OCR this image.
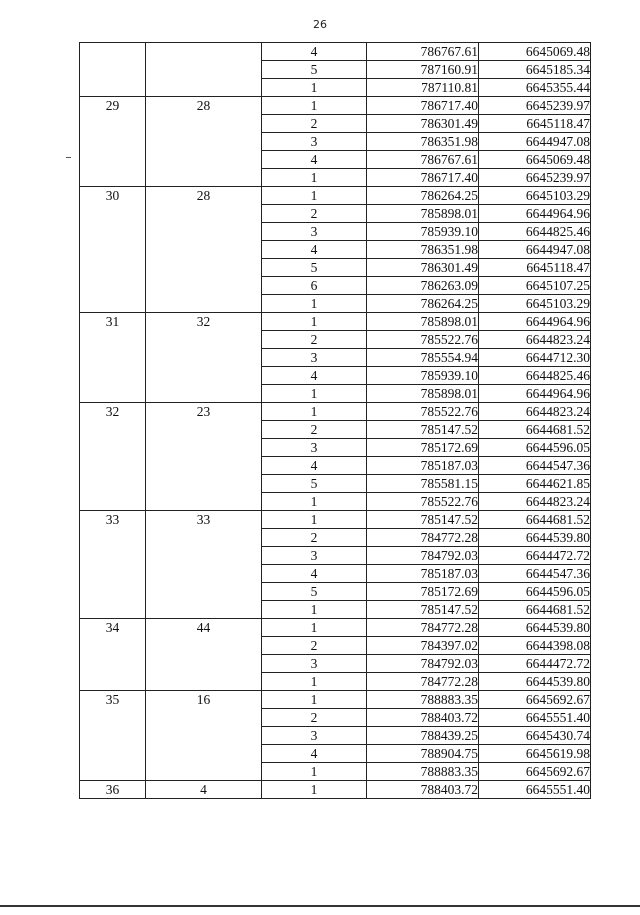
26
		4	786767.61	6645069.48
		5	787160.91	6645185.34
		1	787110.81	6645355.44
29	28	1	786717.40	6645239.97
		2	786301.49	6645118.47
		3	786351.98	6644947.08
		4	786767.61	6645069.48
		1	786717.40	6645239.97
30	28	1	786264.25	6645103.29
		2	785898.01	6644964.96
		3	785939.10	6644825.46
		4	786351.98	6644947.08
		5	786301.49	6645118.47
		6	786263.09	6645107.25
		1	786264.25	6645103.29
31	32	1	785898.01	6644964.96
		2	785522.76	6644823.24
		3	785554.94	6644712.30
		4	785939.10	6644825.46
		1	785898.01	6644964.96
32	23	1	785522.76	6644823.24
		2	785147.52	6644681.52
		3	785172.69	6644596.05
		4	785187.03	6644547.36
		5	785581.15	6644621.85
		1	785522.76	6644823.24
33	33	1	785147.52	6644681.52
		2	784772.28	6644539.80
		3	784792.03	6644472.72
		4	785187.03	6644547.36
		5	785172.69	6644596.05
		1	785147.52	6644681.52
34	44	1	784772.28	6644539.80
		2	784397.02	6644398.08
		3	784792.03	6644472.72
		1	784772.28	6644539.80
35	16	1	788883.35	6645692.67
		2	788403.72	6645551.40
		3	788439.25	6645430.74
		4	788904.75	6645619.98
		1	788883.35	6645692.67
36	4	1	788403.72	6645551.40
